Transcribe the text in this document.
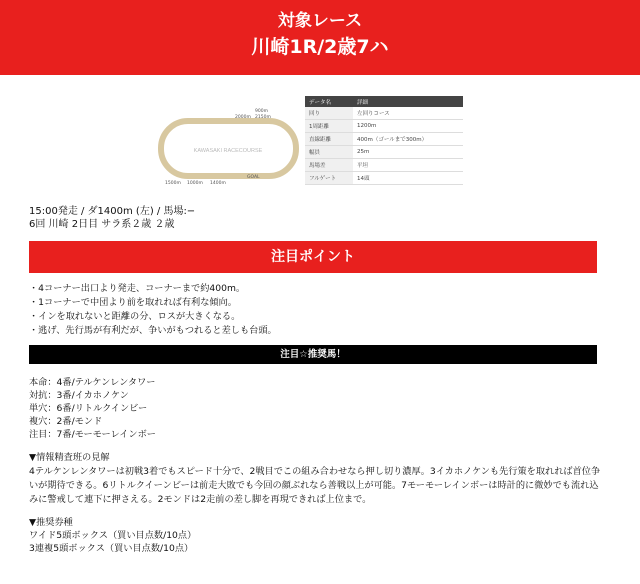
対象レース
川崎1R/2歳7ハ
KAWASAKI RACECOURSE
2000m
900m
2150m
1500m 1000m 1400m
GOAL
データ名	詳細
回り	左回りコース
1周距離	1200m
直線距離	400m（ゴールまで300m）
幅員	25m
馬場差	平坦
フルゲート	14頭
15:00発走 / ダ1400m (左) / 馬場:−
6回 川崎 2日目 サラ系２歳 ２歳
注目ポイント
・4コーナー出口より発走、コーナーまで約400m。
・1コーナーで中団より前を取れれば有利な傾向。
・インを取れないと距離の分、ロスが大きくなる。
・逃げ、先行馬が有利だが、争いがもつれると差しも台頭。
注目☆推奨馬！
本命：4番/テルケンレンタワー
対抗：3番/イカホノケン
単穴：6番/リトルクインビー
複穴：2番/モンド
注目：7番/モーモーレインボー
▼情報精査班の見解
4テルケンレンタワーは初戦3着でもスピード十分で、2戦目でこの組み合わせなら押し切り濃厚。3イカホノケンも先行策を取れれば首位争いが期待できる。6リトルクイーンビーは前走大敗でも今回の顔ぶれなら善戦以上が可能。7モーモーレインボーは時計的に微妙でも流れ込みに警戒して連下に押さえる。2モンドは2走前の差し脚を再現できれば上位まで。
▼推奨券種
ワイド5頭ボックス（買い目点数/10点）
3連複5頭ボックス（買い目点数/10点）
